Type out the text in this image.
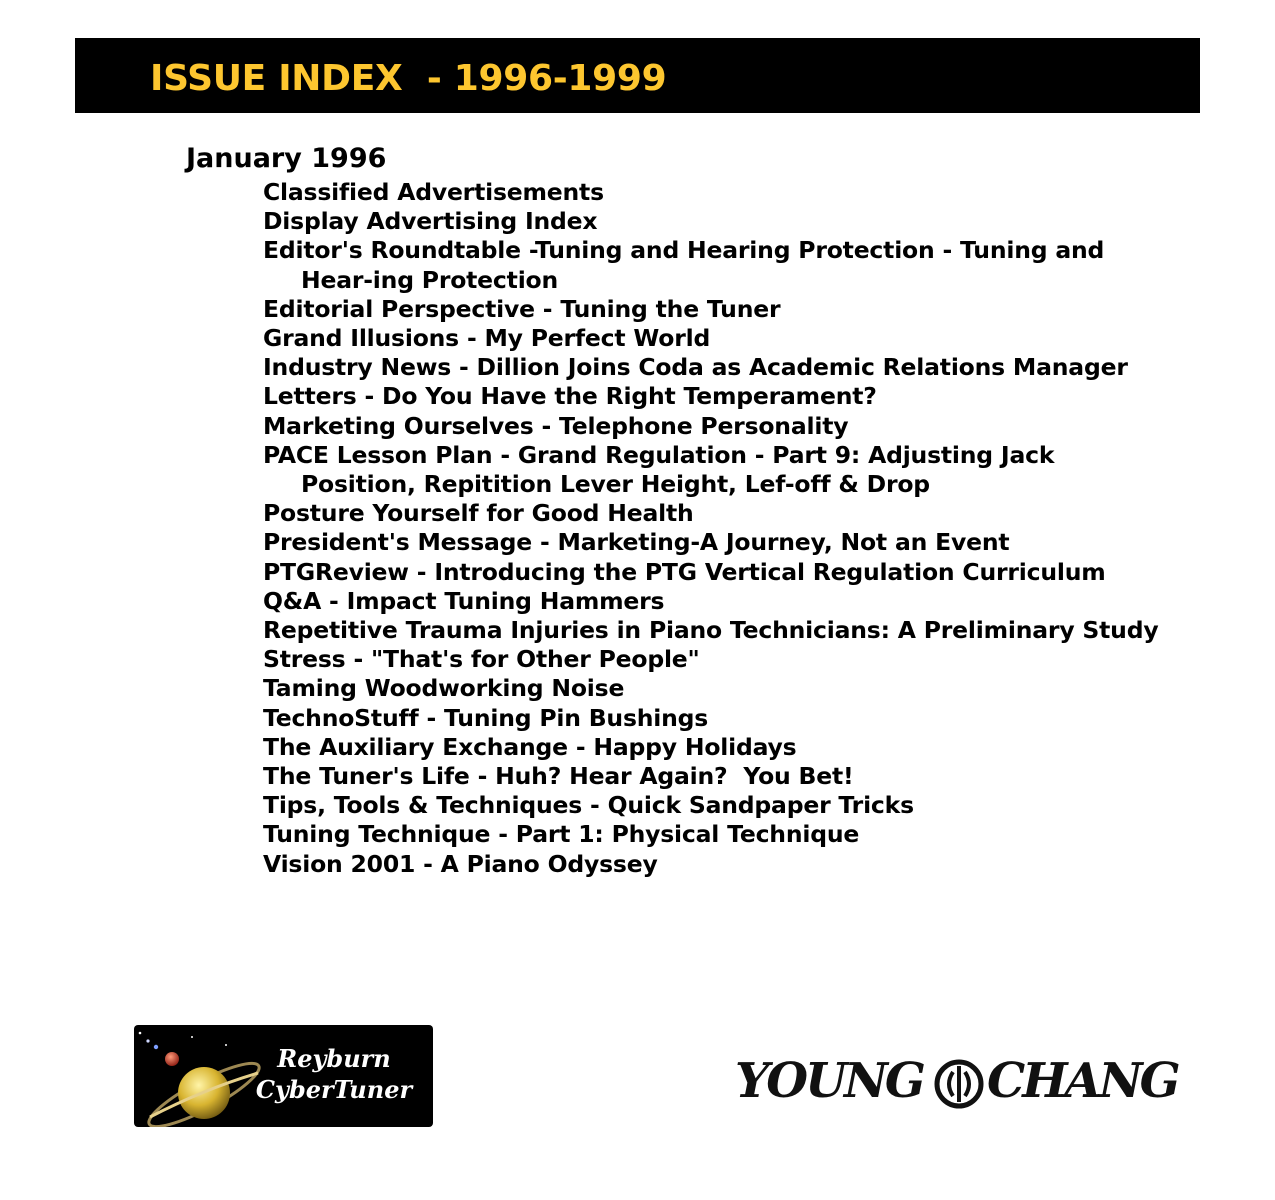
ISSUE INDEX  - 1996-1999
January 1996
Classified Advertisements
Display Advertising Index
Editor's Roundtable -Tuning and Hearing Protection - Tuning and Hear-ing Protection
Editorial Perspective - Tuning the Tuner
Grand Illusions - My Perfect World
Industry News - Dillion Joins Coda as Academic Relations Manager
Letters - Do You Have the Right Temperament?
Marketing Ourselves - Telephone Personality
PACE Lesson Plan - Grand Regulation - Part 9: Adjusting Jack Position, Repitition Lever Height, Lef-off & Drop
Posture Yourself for Good Health
President's Message - Marketing-A Journey, Not an Event
PTGReview - Introducing the PTG Vertical Regulation Curriculum
Q&A - Impact Tuning Hammers
Repetitive Trauma Injuries in Piano Technicians: A Preliminary Study
Stress - "That's for Other People"
Taming Woodworking Noise
TechnoStuff - Tuning Pin Bushings
The Auxiliary Exchange - Happy Holidays
The Tuner's Life - Huh? Hear Again?  You Bet!
Tips, Tools & Techniques - Quick Sandpaper Tricks
Tuning Technique - Part 1: Physical Technique
Vision 2001 - A Piano Odyssey
Reyburn
CyberTuner	YOUNG CHANG
